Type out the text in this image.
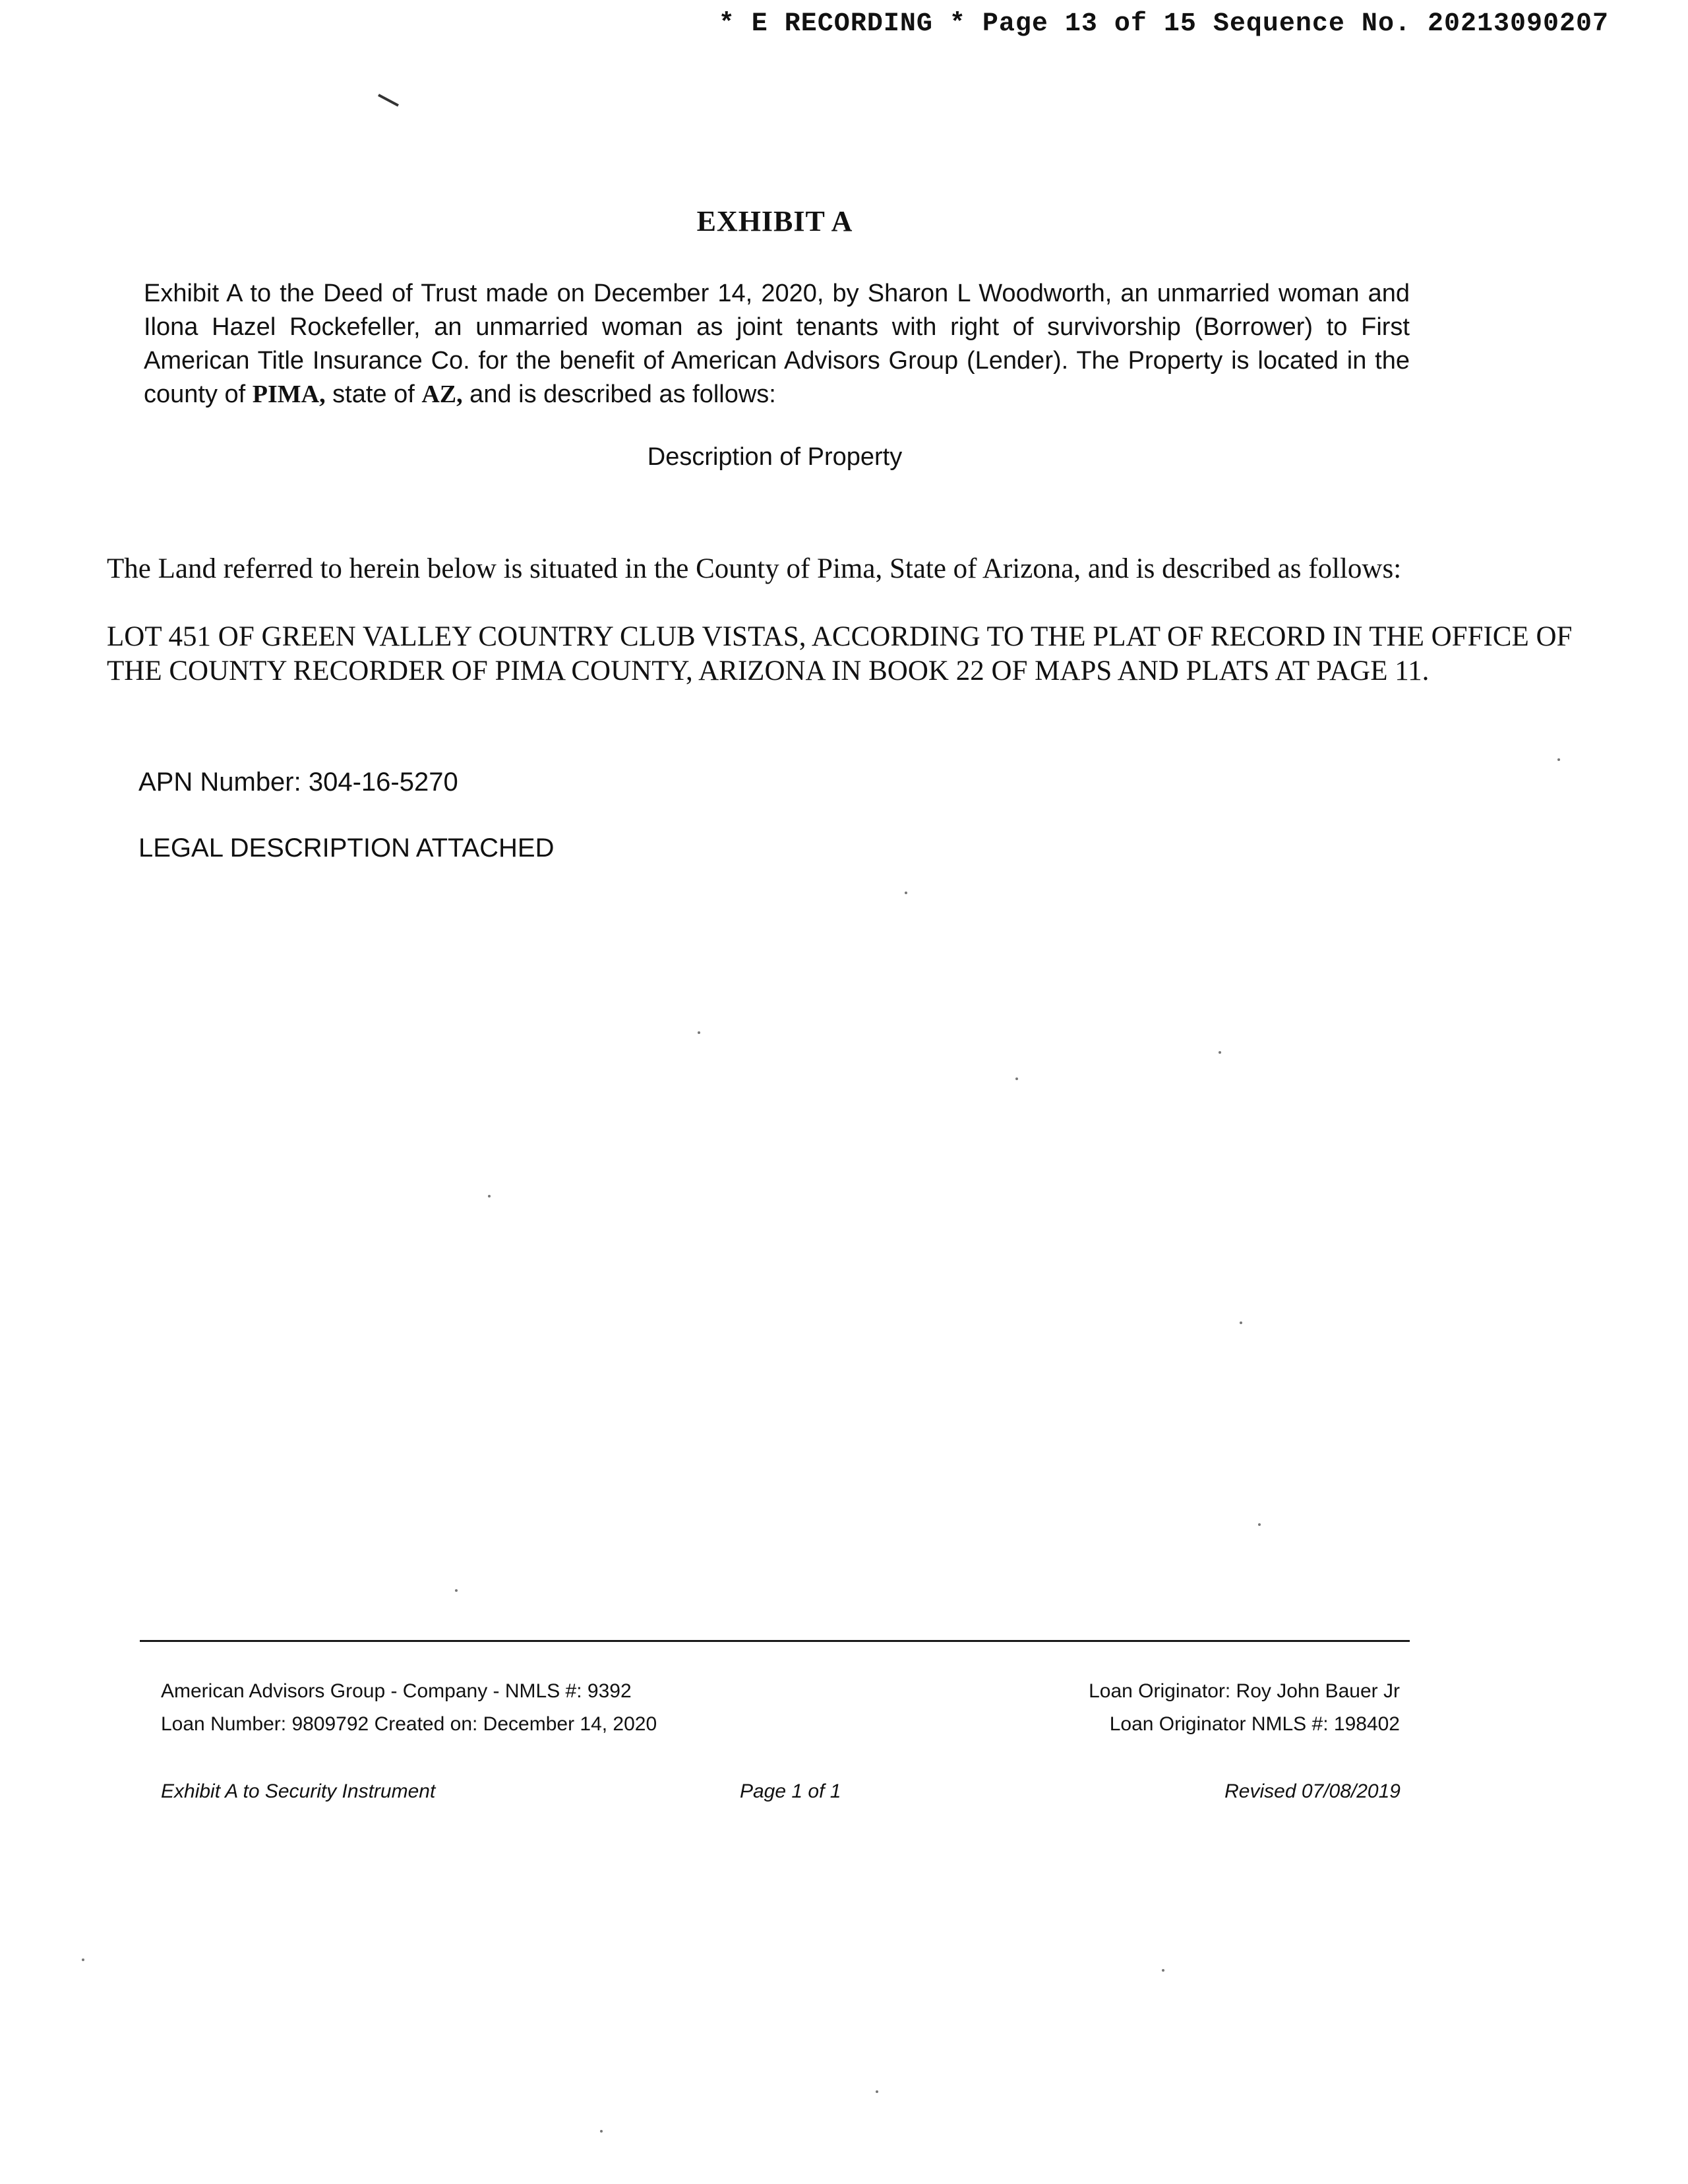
* E RECORDING * Page 13 of 15 Sequence No. 20213090207
EXHIBIT A
Exhibit A to the Deed of Trust made on December 14, 2020, by Sharon L Woodworth, an unmarried woman and Ilona Hazel Rockefeller, an unmarried woman as joint tenants with right of survivorship (Borrower) to First American Title Insurance Co. for the benefit of American Advisors Group (Lender). The Property is located in the county of PIMA, state of AZ, and is described as follows:
Description of Property
The Land referred to herein below is situated in the County of Pima, State of Arizona, and is described as follows:
LOT 451 OF GREEN VALLEY COUNTRY CLUB VISTAS, ACCORDING TO THE PLAT OF RECORD IN THE OFFICE OF THE COUNTY RECORDER OF PIMA COUNTY, ARIZONA IN BOOK 22 OF MAPS AND PLATS AT PAGE 11.
APN Number: 304-16-5270
LEGAL DESCRIPTION ATTACHED
American Advisors Group - Company - NMLS #: 9392
Loan Number: 9809792 Created on: December 14, 2020
Loan Originator: Roy John Bauer Jr
Loan Originator NMLS #: 198402
Exhibit A to Security Instrument	Page 1 of 1	Revised 07/08/2019
